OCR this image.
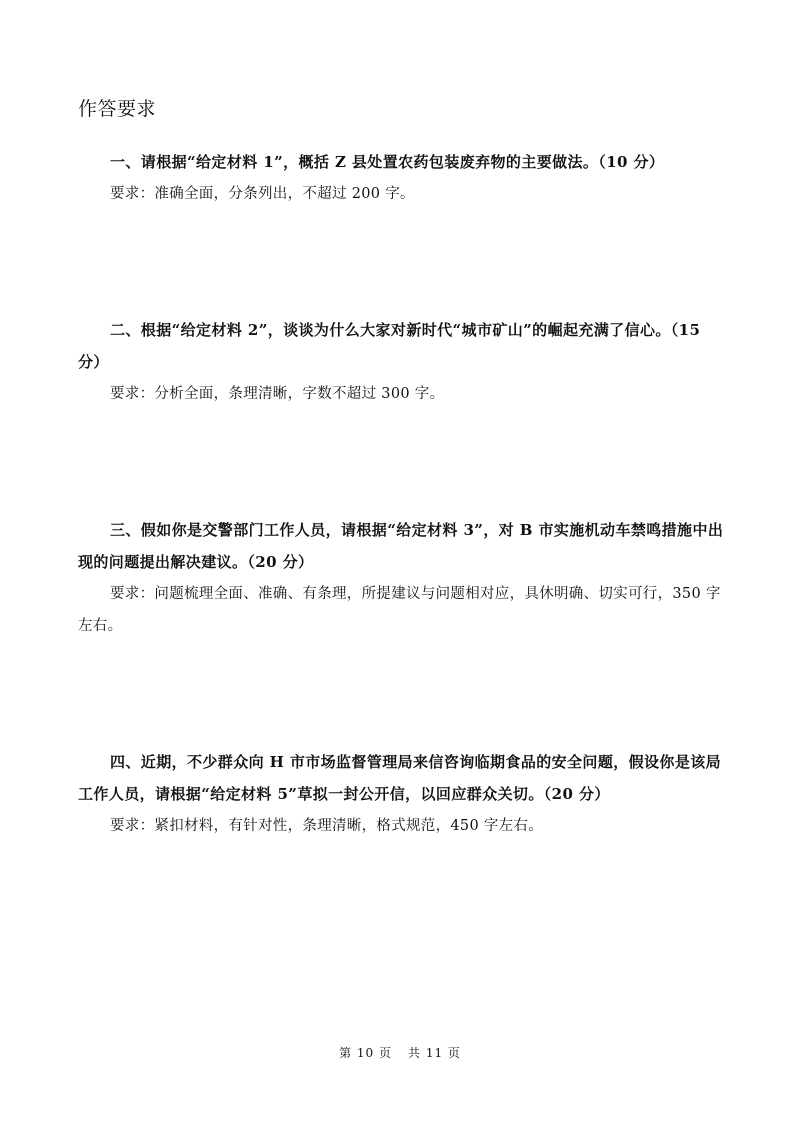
作答要求

一、请根据“给定材料 1”，概括 Z 县处置农药包装废弃物的主要做法。（10 分）

要求：准确全面，分条列出，不超过 200 字。

二、根据“给定材料 2”，谈谈为什么大家对新时代“城市矿山”的崛起充满了信心。（15 分）

要求：分析全面，条理清晰，字数不超过 300 字。

三、假如你是交警部门工作人员，请根据“给定材料 3”，对 B 市实施机动车禁鸣措施中出现的问题提出解决建议。（20 分）

要求：问题梳理全面、准确、有条理，所提建议与问题相对应，具休明确、切实可行，350 字左右。

四、近期，不少群众向 H 市市场监督管理局来信咨询临期食品的安全问题，假设你是该局工作人员，请根据“给定材料 5”草拟一封公开信，以回应群众关切。（20 分）

要求：紧扣材料，有针对性，条理清晰，格式规范，450 字左右。

第 10 页 共 11 页
